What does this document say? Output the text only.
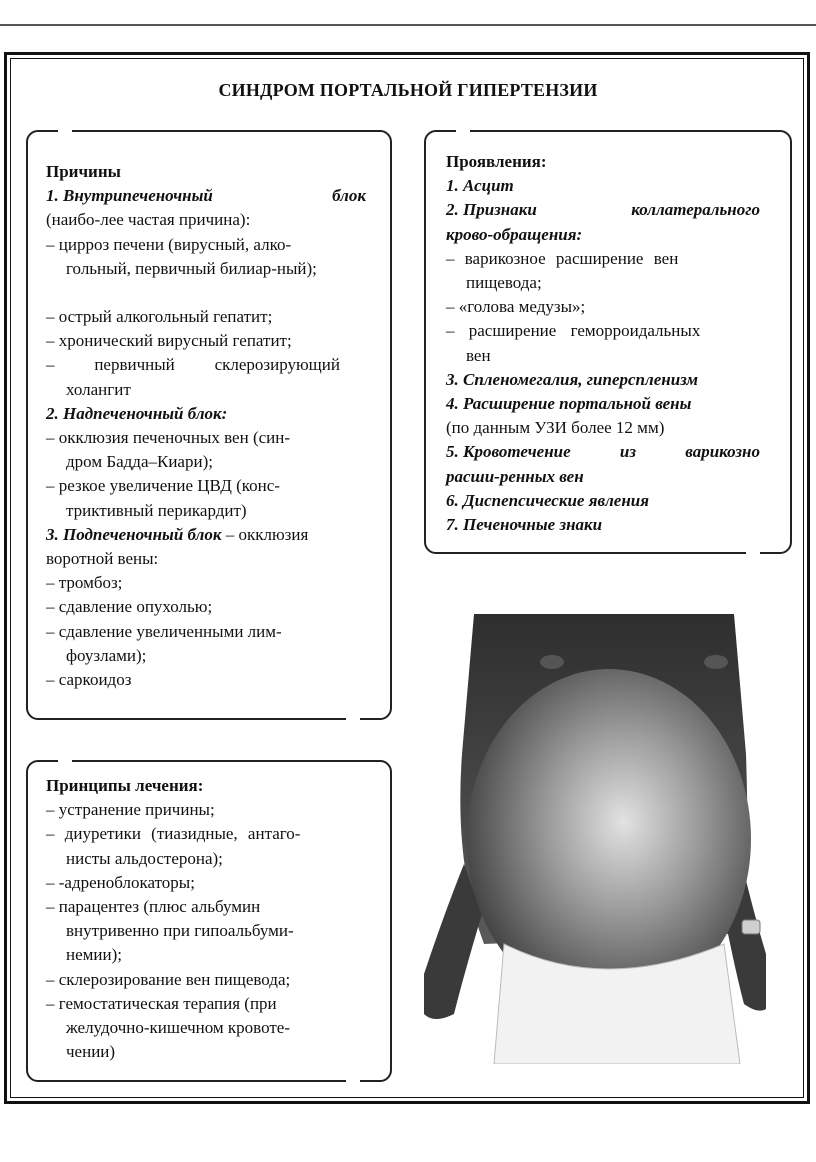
СИНДРОМ ПОРТАЛЬНОЙ ГИПЕРТЕНЗИИ
Причины
1. Внутрипеченочный	блок
(наибо-лее частая причина):
– цирроз печени (вирусный, алко-
гольный, первичный билиар-ный);
– острый алкогольный гепатит;
– хронический вирусный гепатит;
– первичный склерозирующий
холангит
2. Надпеченочный блок:
– окклюзия печеночных вен (син-
дром Бадда–Киари);
– резкое увеличение ЦВД (конс-
триктивный перикардит)
3. Подпеченочный блок – окклюзия
воротной вены:
– тромбоз;
– сдавление опухолью;
– сдавление увеличенными лим-
фоузлами);
– саркоидоз
Проявления:
1. Асцит
2. Признаки	коллатерального
крово-обращения:
– варикозное расширение вен
пищевода;
– «голова медузы»;
– расширение геморроидальных
вен
3. Спленомегалия, гиперспленизм
4. Расширение портальной вены
(по данным УЗИ более 12 мм)
5. Кровотечение	из	варикозно
расши-ренных вен
6. Диспепсические явления
7. Печеночные знаки
Принципы лечения:
– устранение причины;
– диуретики (тиазидные, антаго-
нисты альдостерона);
– -адреноблокаторы;
– парацентез (плюс альбумин
внутривенно при гипоальбуми-
немии);
– склерозирование вен пищевода;
– гемостатическая терапия (при
желудочно-кишечном кровоте-
чении)
